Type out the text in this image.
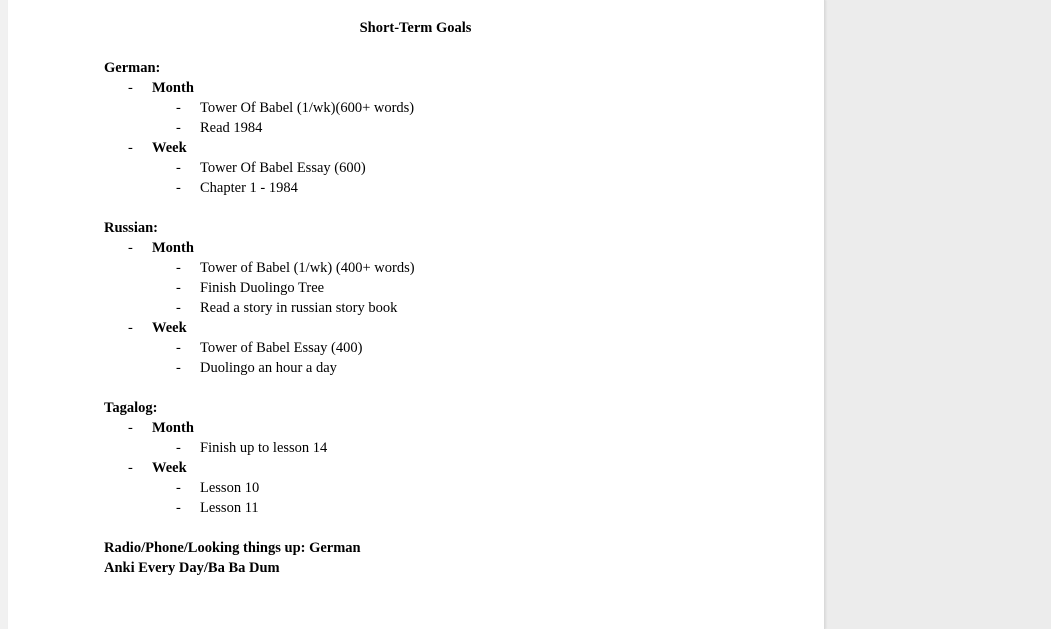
Short-Term Goals
German:
- Month
- Tower Of Babel (1/wk)(600+ words)
- Read 1984
- Week
- Tower Of Babel Essay (600)
- Chapter 1 - 1984
Russian:
- Month
- Tower of Babel (1/wk) (400+ words)
- Finish Duolingo Tree
- Read a story in russian story book
- Week
- Tower of Babel Essay (400)
- Duolingo an hour a day
Tagalog:
- Month
- Finish up to lesson 14
- Week
- Lesson 10
- Lesson 11
Radio/Phone/Looking things up: German
Anki Every Day/Ba Ba Dum
